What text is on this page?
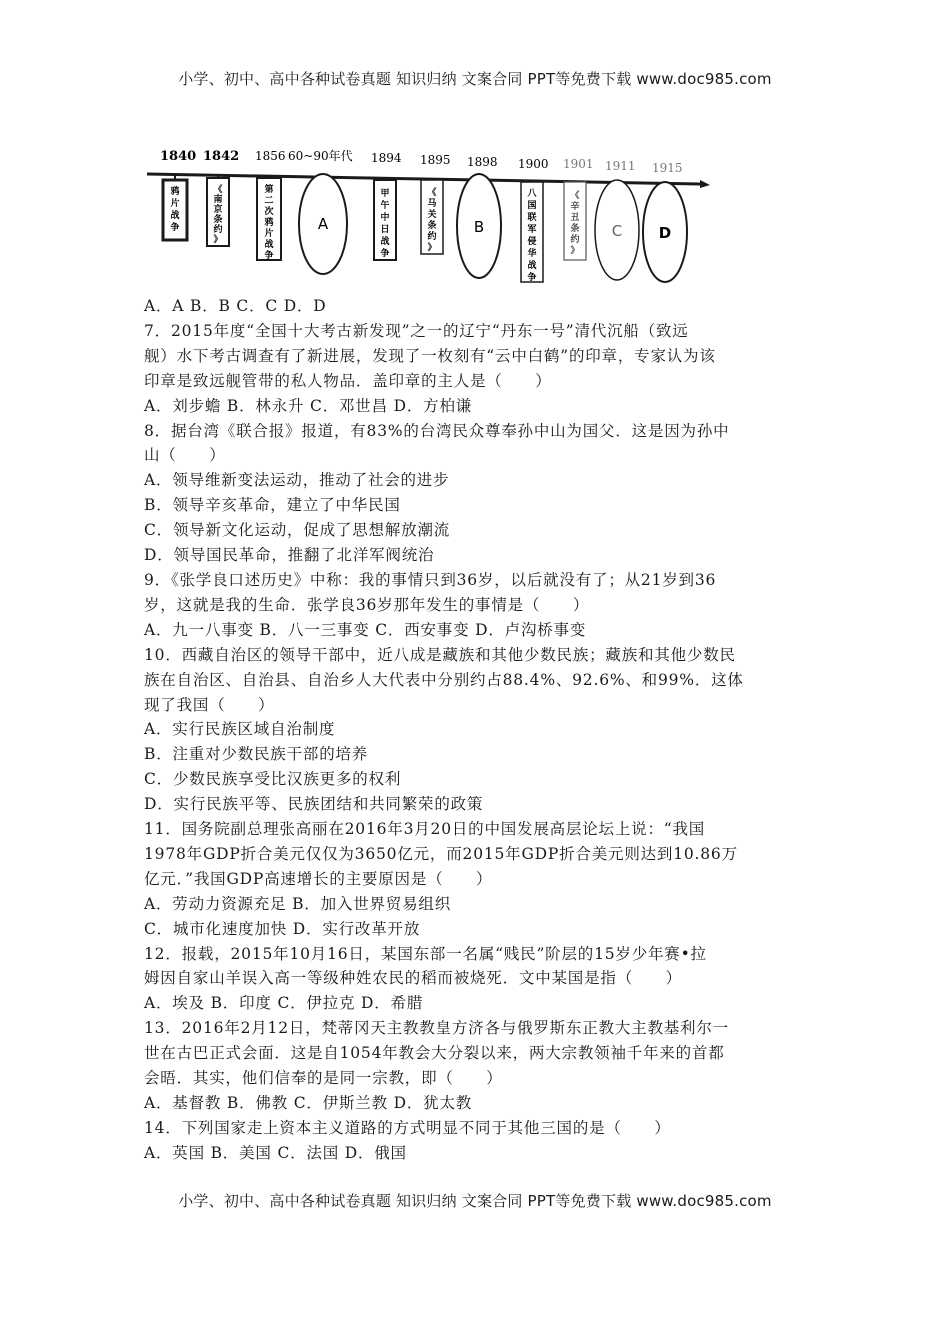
小学、初中、高中各种试卷真题 知识归纳 文案合同 PPT等免费下载 www.doc985.com
1840 1842 1856 60~90年代 1894 1895 1898 1900 1901 1911 1915
鸦
片
战
争
《
南
京
条
约
》
第
二
次
鸦
片
战
争
甲
午
中
日
战
争
《
马
关
条
约
》
八
国
联
军
侵
华
战
争
《
辛
丑
条
约
》
A	B	C D

A．A B．B C．C D．D

7．2015年度“全国十大考古新发现”之一的辽宁“丹东一号”清代沉船（致远

舰）水下考古调查有了新进展，发现了一枚刻有“云中白鹤”的印章，专家认为该

印章是致远舰管带的私人物品．盖印章的主人是（　　）

A．刘步蟾 B．林永升 C．邓世昌 D．方柏谦

8．据台湾《联合报》报道，有83%的台湾民众尊奉孙中山为国父．这是因为孙中

山（　　）

A．领导维新变法运动，推动了社会的进步

B．领导辛亥革命，建立了中华民国

C．领导新文化运动，促成了思想解放潮流

D．领导国民革命，推翻了北洋军阀统治

9．《张学良口述历史》中称：我的事情只到36岁，以后就没有了；从21岁到36

岁，这就是我的生命．张学良36岁那年发生的事情是（　　）

A．九一八事变 B．八一三事变 C．西安事变 D．卢沟桥事变

10．西藏自治区的领导干部中，近八成是藏族和其他少数民族；藏族和其他少数民

族在自治区、自治县、自治乡人大代表中分别约占88.4%、92.6%、和99%．这体

现了我国（　　）

A．实行民族区域自治制度

B．注重对少数民族干部的培养

C．少数民族享受比汉族更多的权利

D．实行民族平等、民族团结和共同繁荣的政策

11．国务院副总理张高丽在2016年3月20日的中国发展高层论坛上说：“我国

1978年GDP折合美元仅仅为3650亿元，而2015年GDP折合美元则达到10.86万

亿元．”我国GDP高速增长的主要原因是（　　）

A．劳动力资源充足 B．加入世界贸易组织

C．城市化速度加快 D．实行改革开放

12．报载，2015年10月16日，某国东部一名属“贱民”阶层的15岁少年赛•拉

姆因自家山羊误入高一等级种姓农民的稻而被烧死．文中某国是指（　　）

A．埃及 B．印度 C．伊拉克 D．希腊

13．2016年2月12日，梵蒂冈天主教教皇方济各与俄罗斯东正教大主教基利尔一

世在古巴正式会面．这是自1054年教会大分裂以来，两大宗教领袖千年来的首都

会晤．其实，他们信奉的是同一宗教，即（　　）

A．基督教 B．佛教 C．伊斯兰教 D．犹太教

14．下列国家走上资本主义道路的方式明显不同于其他三国的是（　　）

A．英国 B．美国 C．法国 D．俄国

小学、初中、高中各种试卷真题 知识归纳 文案合同 PPT等免费下载 www.doc985.com
